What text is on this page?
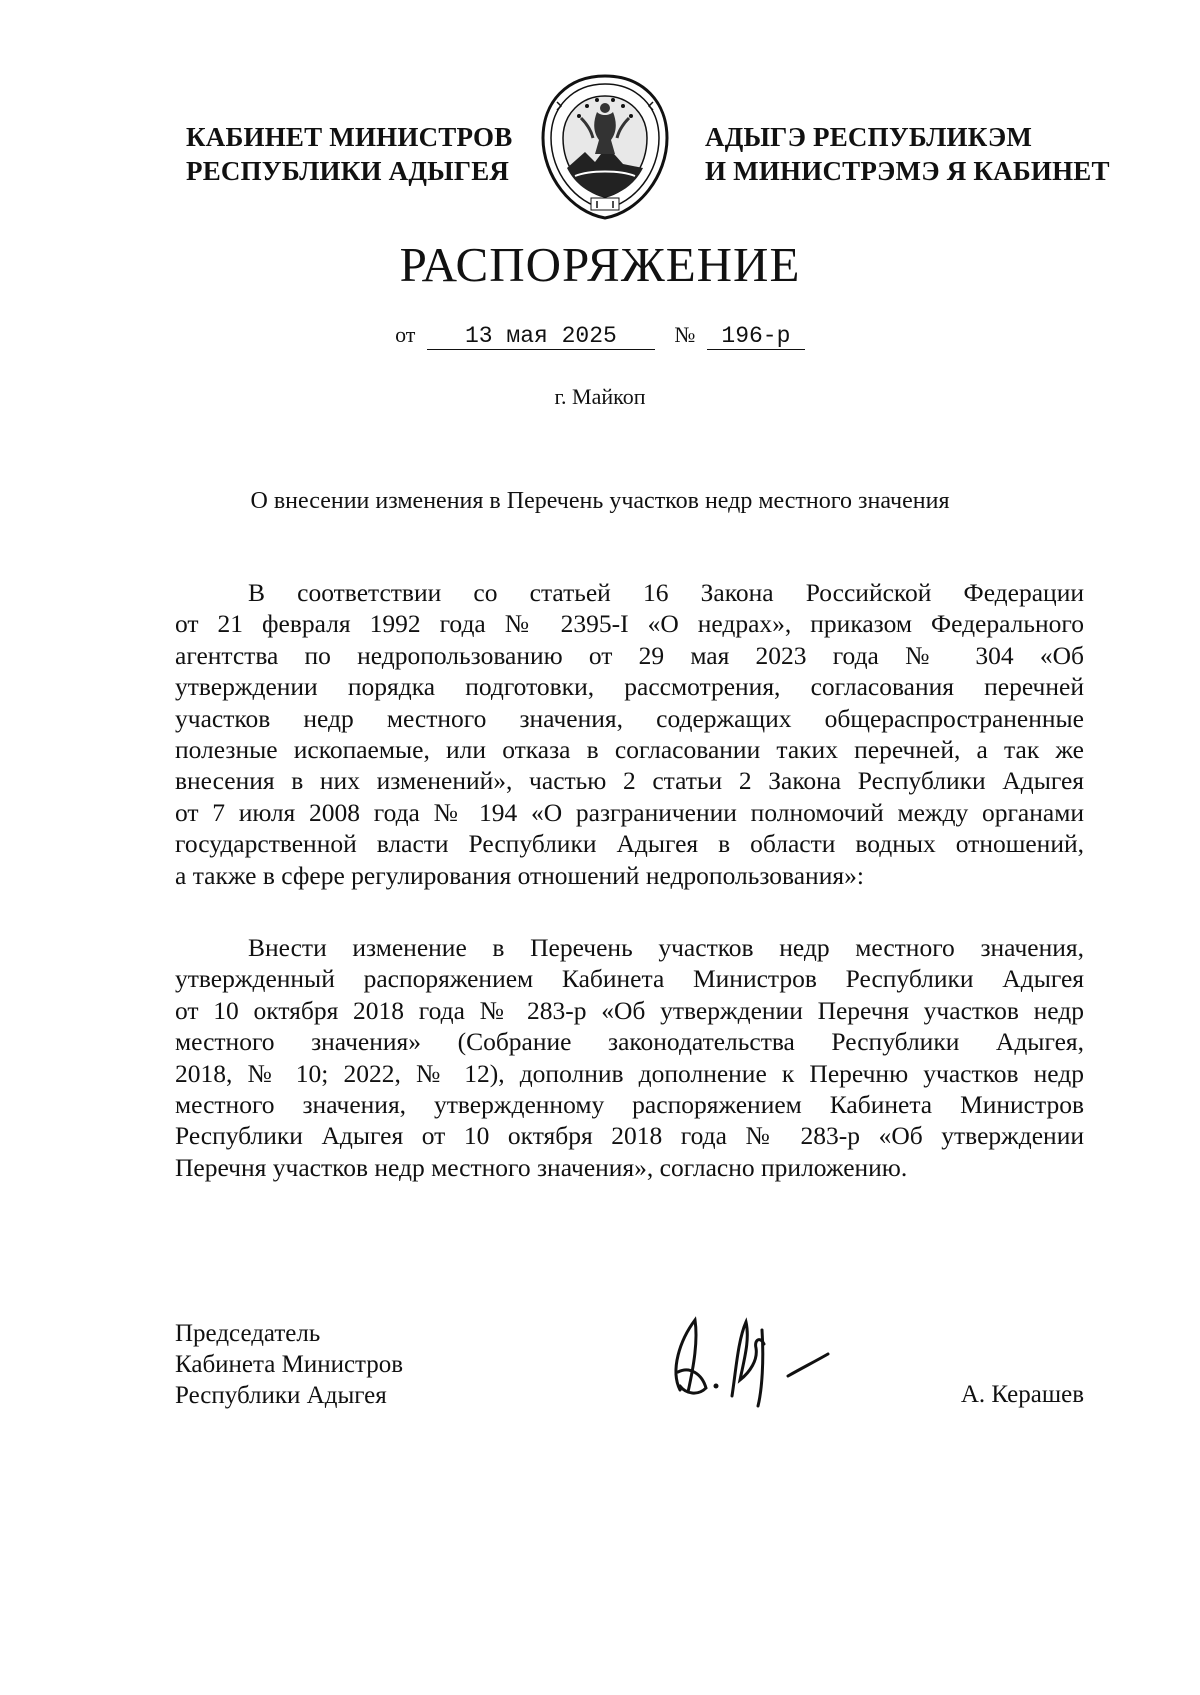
КАБИНЕТ МИНИСТРОВ
РЕСПУБЛИКИ АДЫГЕЯ
АДЫГЭ РЕСПУБЛИКЭМ
И МИНИСТРЭМЭ Я КАБИНЕТ
РАСПОРЯЖЕНИЕ
от 13 мая 2025	№ 196-р
г. Майкоп
О внесении изменения в Перечень участков недр местного значения
В соответствии со статьей 16 Закона Российской Федерации
от 21 февраля 1992 года № 2395-I «О недрах», приказом Федерального
агентства по недропользованию от 29 мая 2023 года № 304 «Об
утверждении порядка подготовки, рассмотрения, согласования перечней
участков недр местного значения, содержащих общераспространенные
полезные ископаемые, или отказа в согласовании таких перечней, а так же
внесения в них изменений», частью 2 статьи 2 Закона Республики Адыгея
от 7 июля 2008 года № 194 «О разграничении полномочий между органами
государственной власти Республики Адыгея в области водных отношений,
а также в сфере регулирования отношений недропользования»:
Внести изменение в Перечень участков недр местного значения,
утвержденный распоряжением Кабинета Министров Республики Адыгея
от 10 октября 2018 года № 283-р «Об утверждении Перечня участков недр
местного значения» (Собрание законодательства Республики Адыгея,
2018, № 10; 2022, № 12), дополнив дополнение к Перечню участков недр
местного значения, утвержденному распоряжением Кабинета Министров
Республики Адыгея от 10 октября 2018 года № 283-р «Об утверждении
Перечня участков недр местного значения», согласно приложению.
Председатель
Кабинета Министров
Республики Адыгея	А. Керашев
